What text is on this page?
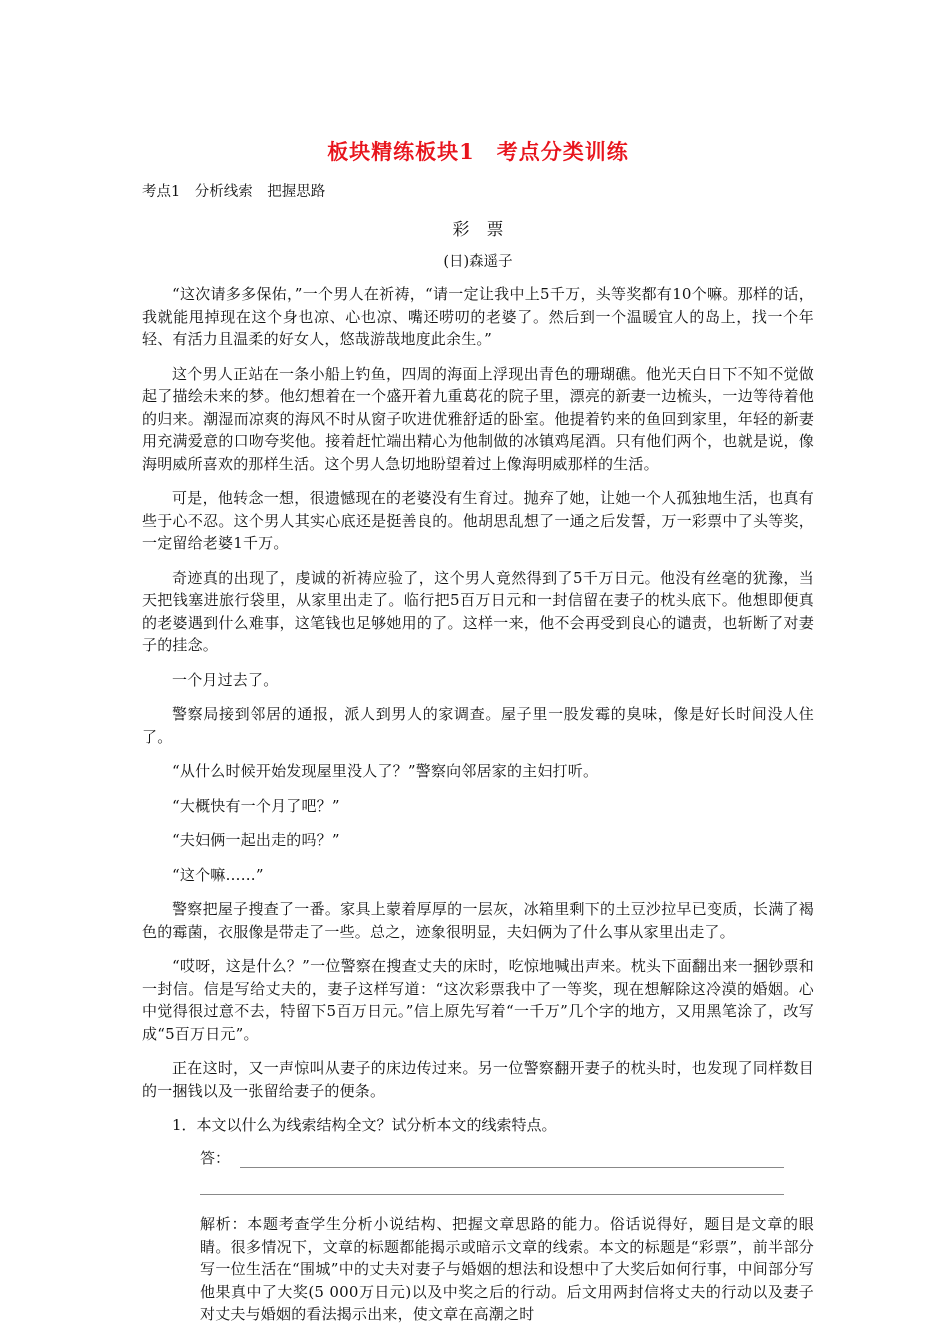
板块精练板块1　考点分类训练
考点1　分析线索　把握思路
彩　票
(日)森遥子

“这次请多多保佑，”一个男人在祈祷，“请一定让我中上5千万，头等奖都有10个嘛。那样的话，我就能甩掉现在这个身也凉、心也凉、嘴还唠叨的老婆了。然后到一个温暖宜人的岛上，找一个年轻、有活力且温柔的好女人，悠哉游哉地度此余生。”

这个男人正站在一条小船上钓鱼，四周的海面上浮现出青色的珊瑚礁。他光天白日下不知不觉做起了描绘未来的梦。他幻想着在一个盛开着九重葛花的院子里，漂亮的新妻一边梳头，一边等待着他的归来。潮湿而凉爽的海风不时从窗子吹进优雅舒适的卧室。他提着钓来的鱼回到家里，年轻的新妻用充满爱意的口吻夸奖他。接着赶忙端出精心为他制做的冰镇鸡尾酒。只有他们两个，也就是说，像海明威所喜欢的那样生活。这个男人急切地盼望着过上像海明威那样的生活。

可是，他转念一想，很遗憾现在的老婆没有生育过。抛弃了她，让她一个人孤独地生活，也真有些于心不忍。这个男人其实心底还是挺善良的。他胡思乱想了一通之后发誓，万一彩票中了头等奖，一定留给老婆1千万。

奇迹真的出现了，虔诚的祈祷应验了，这个男人竟然得到了5千万日元。他没有丝毫的犹豫，当天把钱塞进旅行袋里，从家里出走了。临行把5百万日元和一封信留在妻子的枕头底下。他想即便真的老婆遇到什么难事，这笔钱也足够她用的了。这样一来，他不会再受到良心的谴责，也斩断了对妻子的挂念。

一个月过去了。

警察局接到邻居的通报，派人到男人的家调查。屋子里一股发霉的臭味，像是好长时间没人住了。

“从什么时候开始发现屋里没人了？”警察向邻居家的主妇打听。

“大概快有一个月了吧？”

“夫妇俩一起出走的吗？”

“这个嘛……”

警察把屋子搜查了一番。家具上蒙着厚厚的一层灰，冰箱里剩下的土豆沙拉早已变质，长满了褐色的霉菌，衣服像是带走了一些。总之，迹象很明显，夫妇俩为了什么事从家里出走了。

“哎呀，这是什么？”一位警察在搜查丈夫的床时，吃惊地喊出声来。枕头下面翻出来一捆钞票和一封信。信是写给丈夫的，妻子这样写道：“这次彩票我中了一等奖，现在想解除这冷漠的婚姻。心中觉得很过意不去，特留下5百万日元。”信上原先写着“一千万”几个字的地方，又用黑笔涂了，改写成“5百万日元”。

正在这时，又一声惊叫从妻子的床边传过来。另一位警察翻开妻子的枕头时，也发现了同样数目的一捆钱以及一张留给妻子的便条。

1．本文以什么为线索结构全文？试分析本文的线索特点。
答：

解析：本题考查学生分析小说结构、把握文章思路的能力。俗话说得好，题目是文章的眼睛。很多情况下，文章的标题都能揭示或暗示文章的线索。本文的标题是“彩票”，前半部分写一位生活在“围城”中的丈夫对妻子与婚姻的想法和设想中了大奖后如何行事，中间部分写他果真中了大奖(5 000万日元)以及中奖之后的行动。后文用两封信将丈夫的行动以及妻子对丈夫与婚姻的看法揭示出来，使文章在高潮之时
